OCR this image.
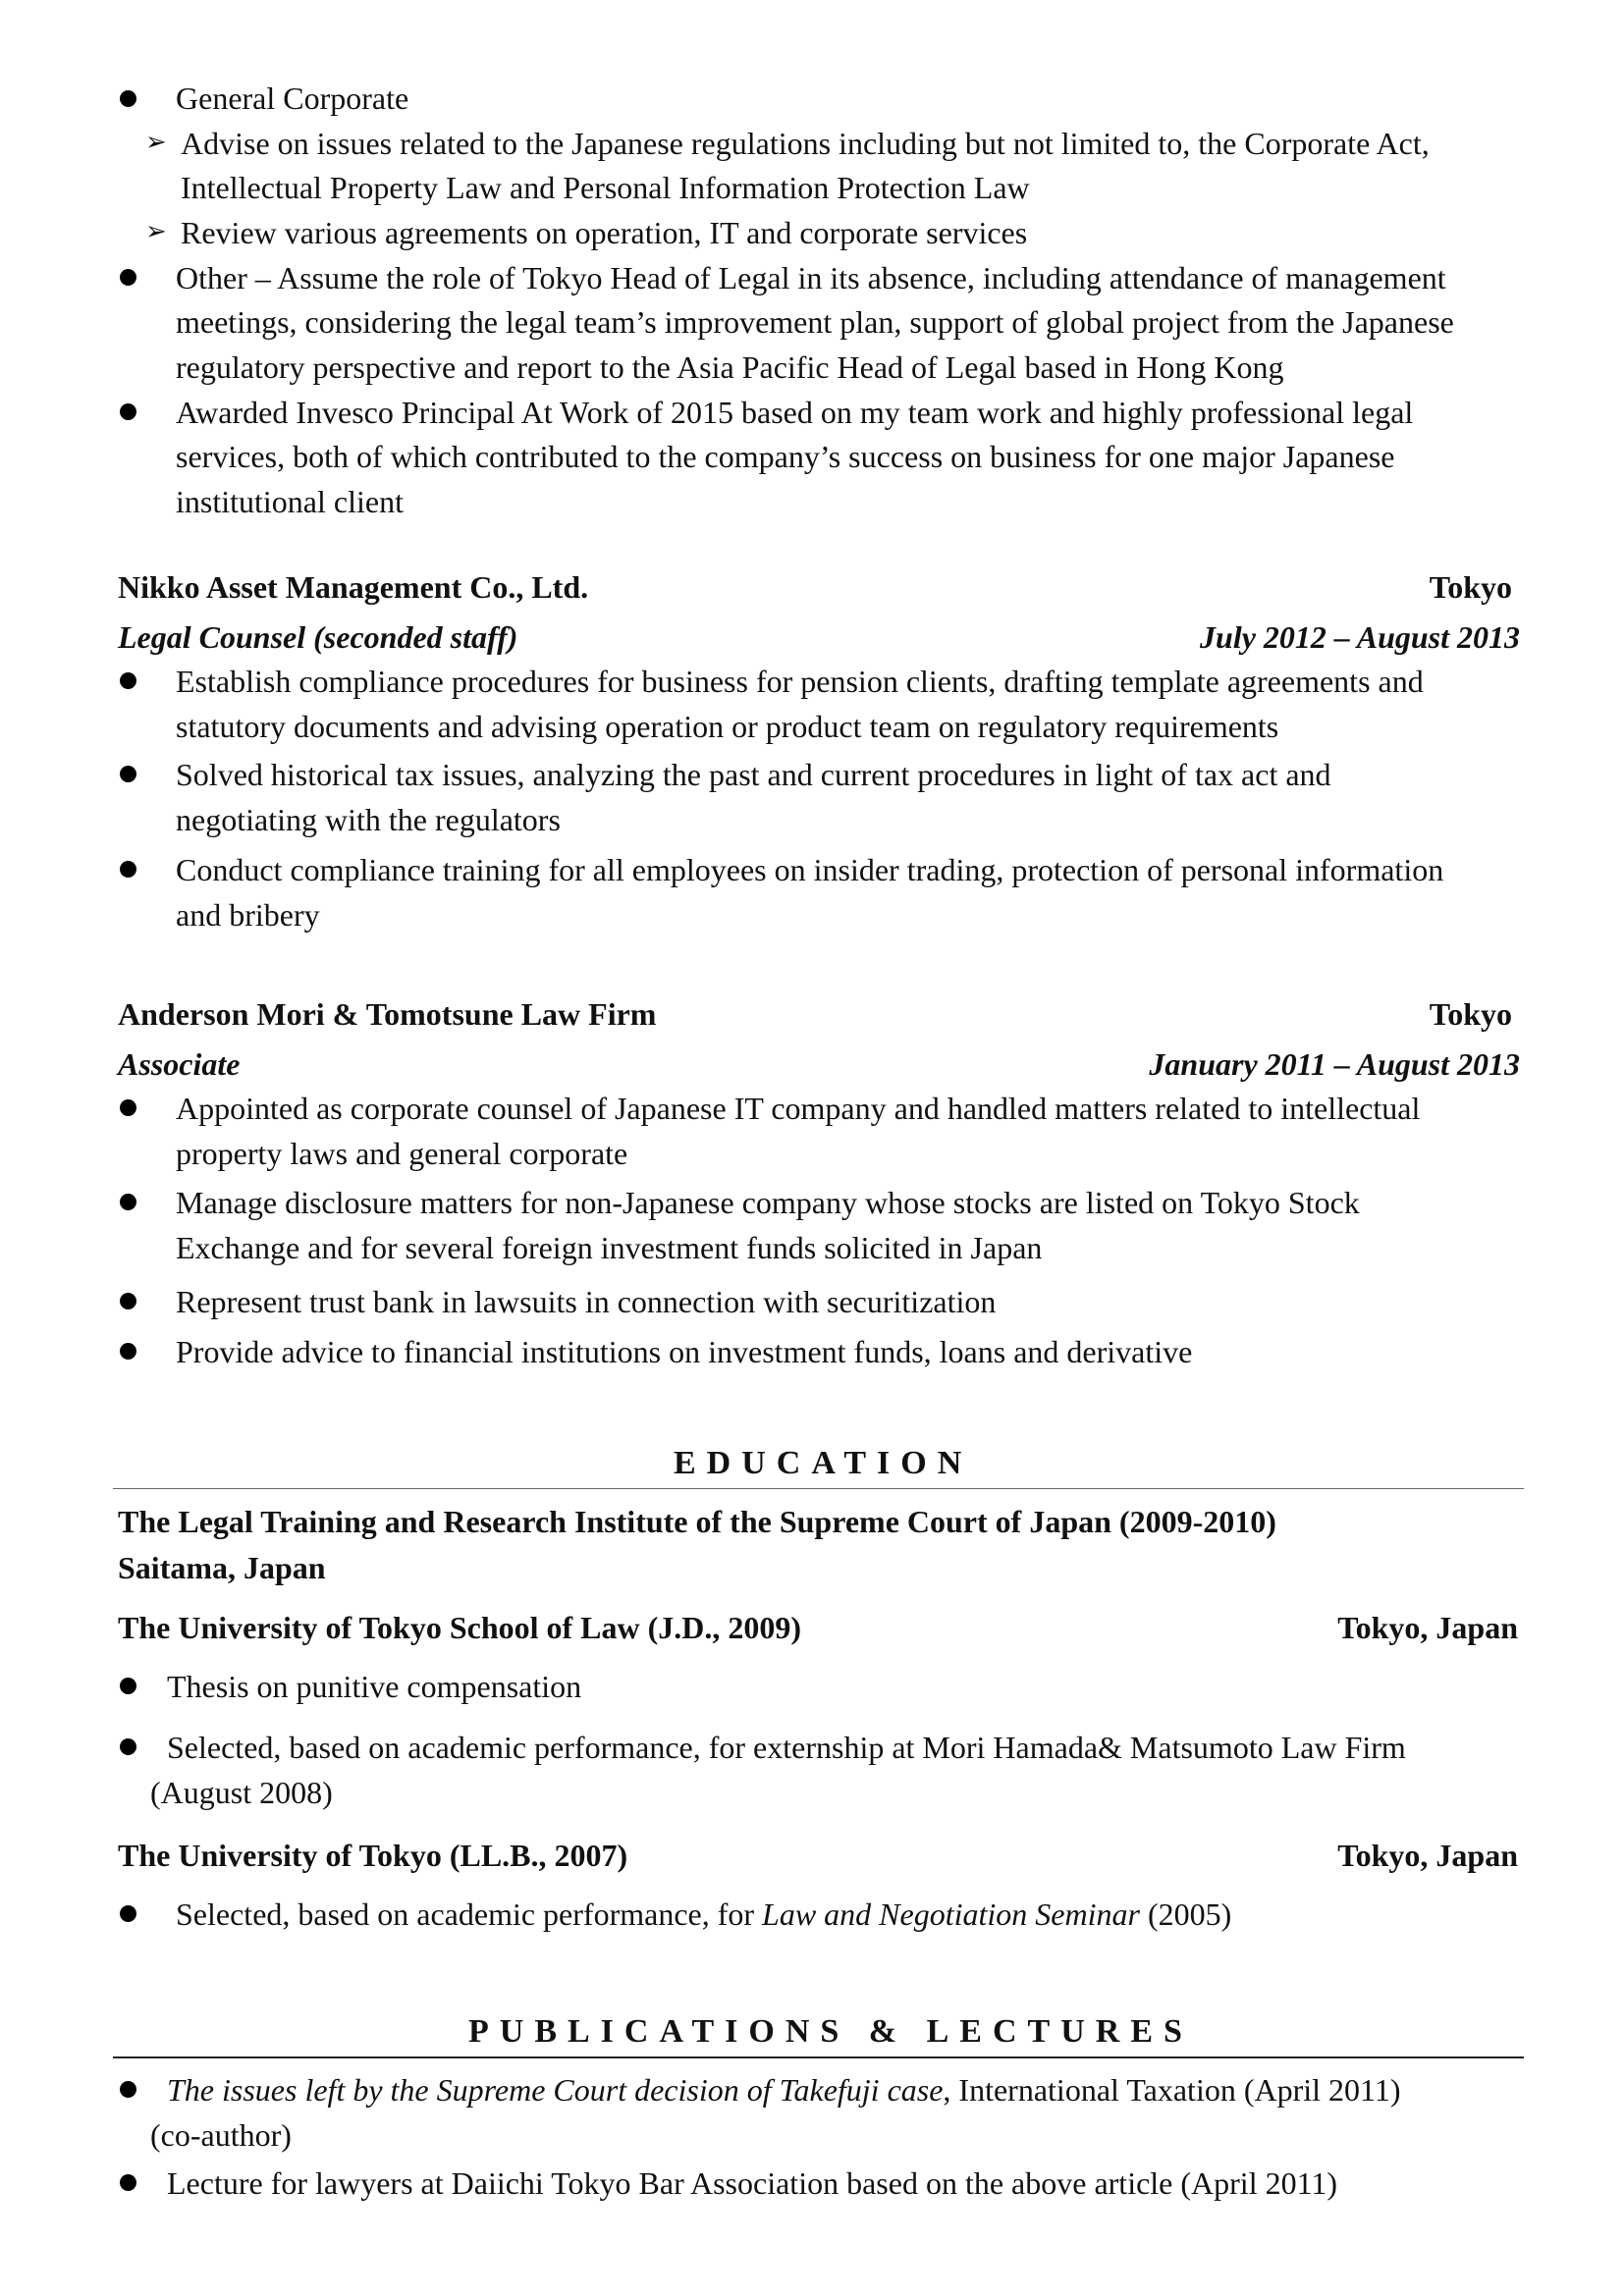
General Corporate
➢ Advise on issues related to the Japanese regulations including but not limited to, the Corporate Act,
Intellectual Property Law and Personal Information Protection Law
➢ Review various agreements on operation, IT and corporate services
Other – Assume the role of Tokyo Head of Legal in its absence, including attendance of management
meetings, considering the legal team’s improvement plan, support of global project from the Japanese
regulatory perspective and report to the Asia Pacific Head of Legal based in Hong Kong
Awarded Invesco Principal At Work of 2015 based on my team work and highly professional legal
services, both of which contributed to the company’s success on business for one major Japanese
institutional client
Nikko Asset Management Co., Ltd.	Tokyo
Legal Counsel (seconded staff)	July 2012 – August 2013
Establish compliance procedures for business for pension clients, drafting template agreements and
statutory documents and advising operation or product team on regulatory requirements
Solved historical tax issues, analyzing the past and current procedures in light of tax act and
negotiating with the regulators
Conduct compliance training for all employees on insider trading, protection of personal information
and bribery
Anderson Mori & Tomotsune Law Firm	Tokyo
Associate	January 2011 – August 2013
Appointed as corporate counsel of Japanese IT company and handled matters related to intellectual
property laws and general corporate
Manage disclosure matters for non-Japanese company whose stocks are listed on Tokyo Stock
Exchange and for several foreign investment funds solicited in Japan
Represent trust bank in lawsuits in connection with securitization
Provide advice to financial institutions on investment funds, loans and derivative
EDUCATION
The Legal Training and Research Institute of the Supreme Court of Japan (2009-2010)
Saitama, Japan
The University of Tokyo School of Law (J.D., 2009)	Tokyo, Japan
Thesis on punitive compensation
Selected, based on academic performance, for externship at Mori Hamada& Matsumoto Law Firm
(August 2008)
The University of Tokyo (LL.B., 2007)	Tokyo, Japan
Selected, based on academic performance, for Law and Negotiation Seminar (2005)
PUBLICATIONS & LECTURES
The issues left by the Supreme Court decision of Takefuji case, International Taxation (April 2011)
(co-author)
Lecture for lawyers at Daiichi Tokyo Bar Association based on the above article (April 2011)
